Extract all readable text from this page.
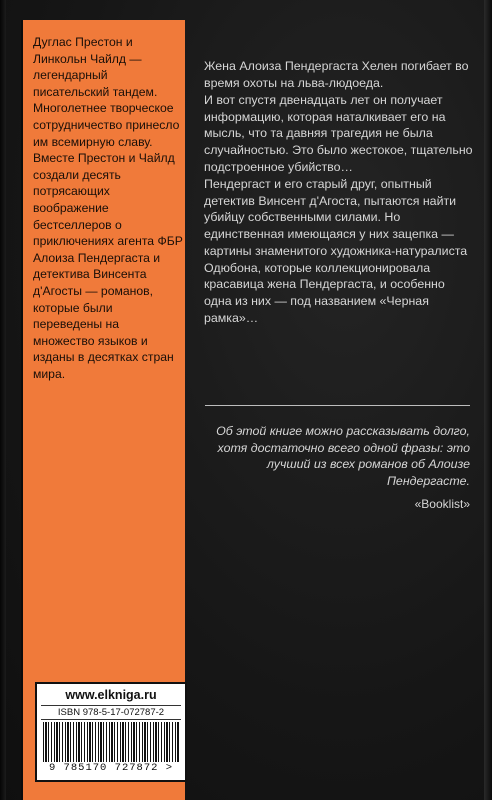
Дуглас Престон и Линкольн Чайлд — легендарный писательский тандем. Многолетнее творческое сотрудничество принесло им всемирную славу. Вместе Престон и Чайлд создали десять потрясающих воображение бестселлеров о приключениях агента ФБР Алоиза Пендергаста и детектива Винсента д'Агосты — романов, которые были переведены на множество языков и изданы в десятках стран мира.

www.elkniga.ru
ISBN 978-5-17-072787-2
9 785170 727872 >

Жена Алоиза Пендергаста Хелен погибает во время охоты на льва-людоеда.

И вот спустя двенадцать лет он получает информацию, которая наталкивает его на мысль, что та давняя трагедия не была случайностью. Это было жестокое, тщательно подстроенное убийство…

Пендергаст и его старый друг, опытный детектив Винсент д'Агоста, пытаются найти убийцу собственными силами. Но единственная имеющаяся у них зацепка — картины знаменитого художника-натуралиста Одюбона, которые коллекционировала красавица жена Пендергаста, и особенно одна из них — под названием «Черная рамка»…

Об этой книге можно рассказывать долго, хотя достаточно всего одной фразы: это лучший из всех романов об Алоизе Пендергасте.

«Booklist»
